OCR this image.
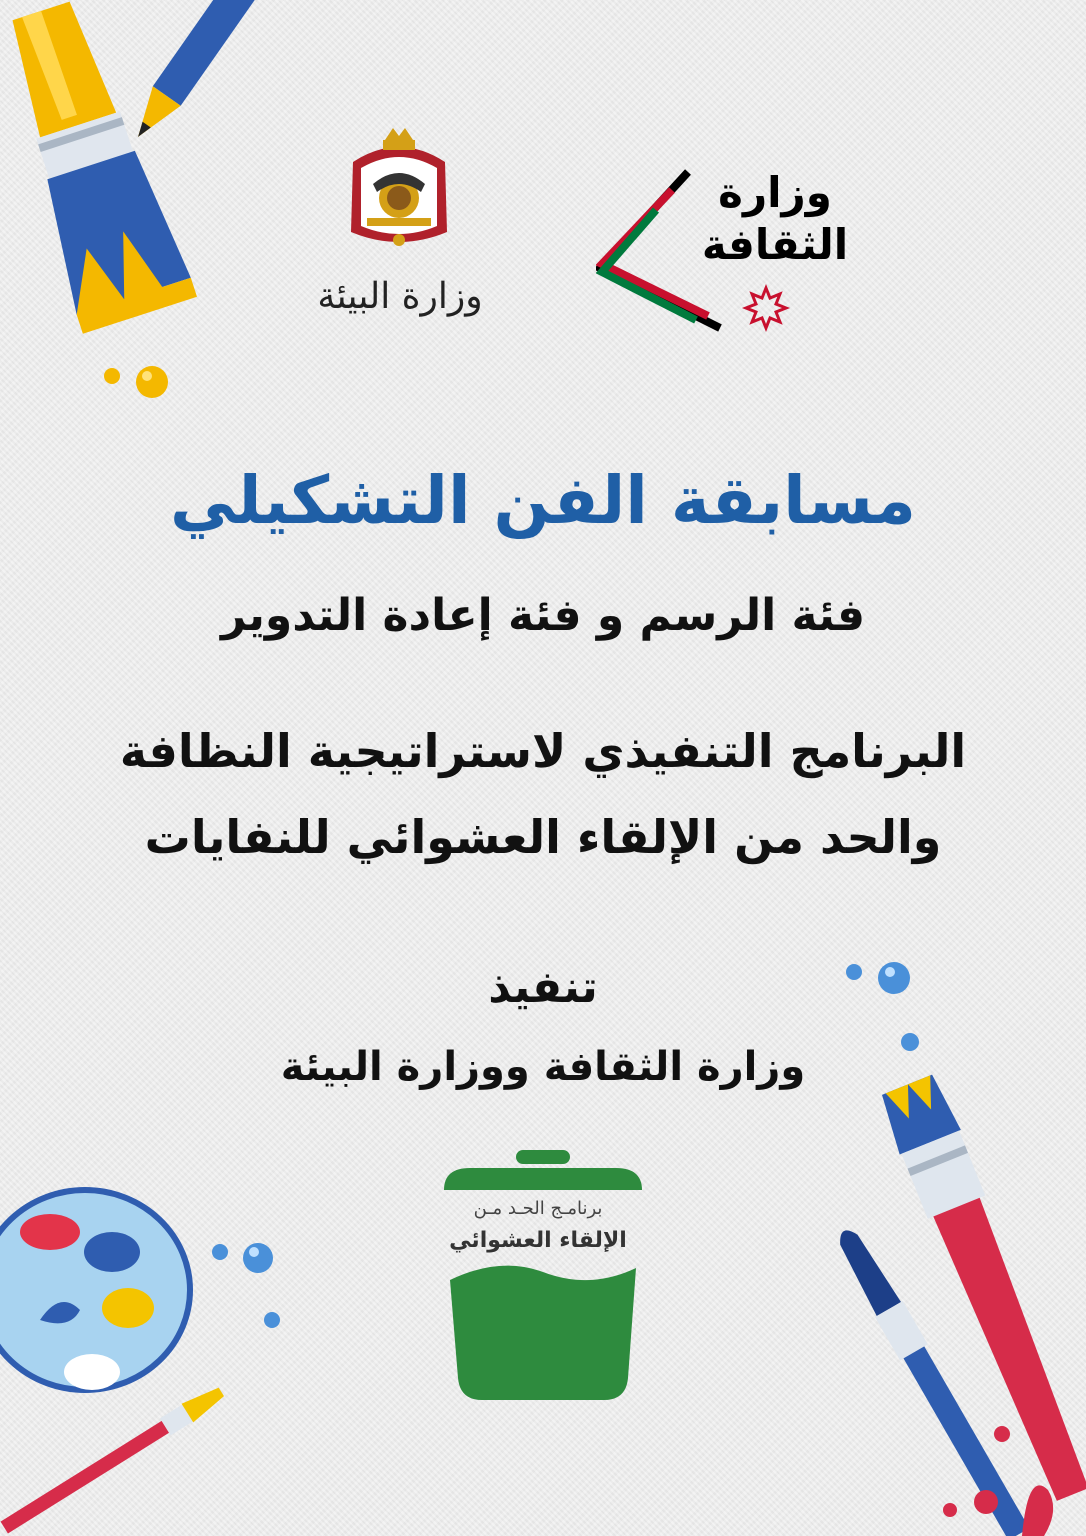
وزارة البيئة
وزارة
الثقافة
مسابقة الفن التشكيلي
فئة الرسم و فئة إعادة التدوير
البرنامج التنفيذي لاستراتيجية النظافة
والحد من الإلقاء العشوائي للنفايات
تنفيذ
وزارة الثقافة ووزارة البيئة
برنامـج الحـد مـن
الإلقاء العشوائي
